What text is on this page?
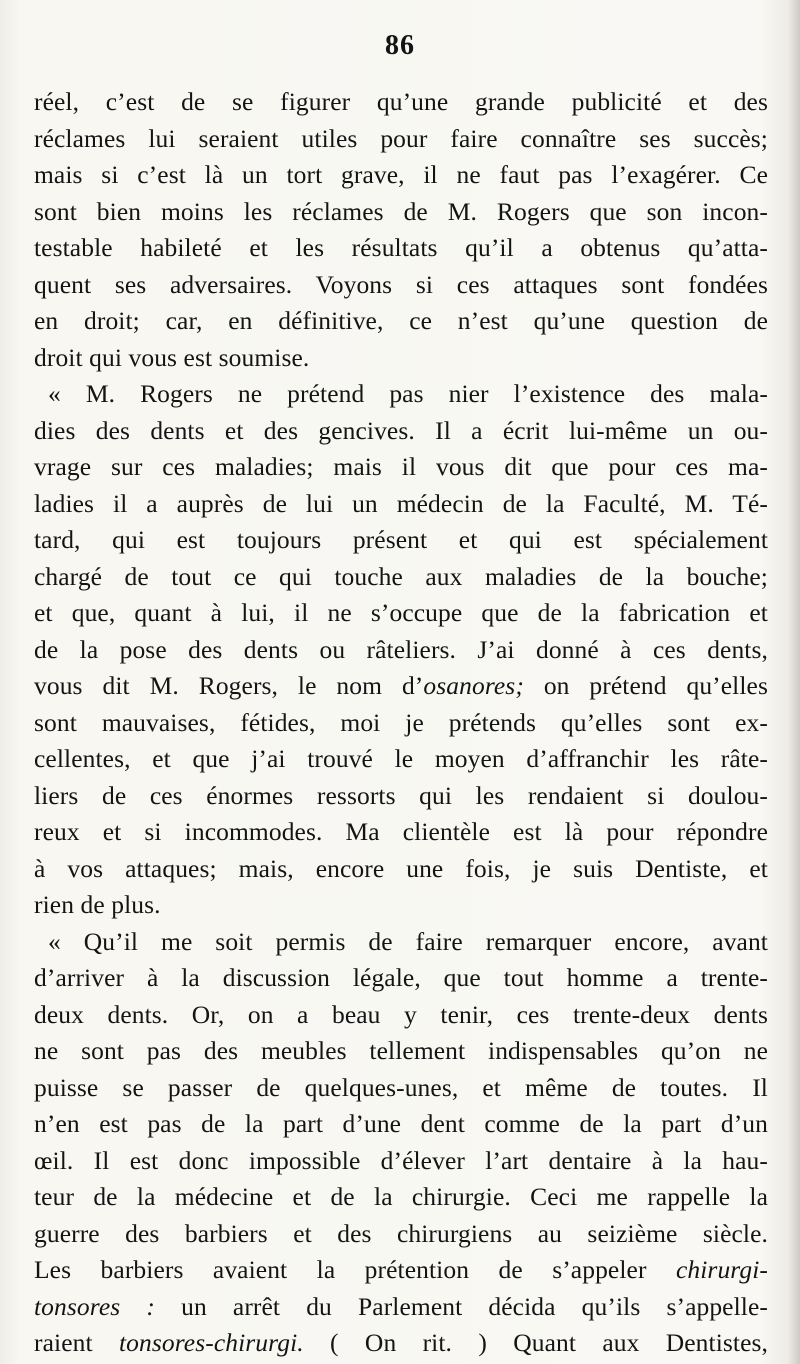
86
réel, c’est de se figurer qu’une grande publicité et des
réclames lui seraient utiles pour faire connaître ses succès;
mais si c’est là un tort grave, il ne faut pas l’exagérer. Ce
sont bien moins les réclames de M. Rogers que son incon-
testable habileté et les résultats qu’il a obtenus qu’atta-
quent ses adversaires. Voyons si ces attaques sont fondées
en droit; car, en définitive, ce n’est qu’une question de
droit qui vous est soumise.
« M. Rogers ne prétend pas nier l’existence des mala-
dies des dents et des gencives. Il a écrit lui-même un ou-
vrage sur ces maladies; mais il vous dit que pour ces ma-
ladies il a auprès de lui un médecin de la Faculté, M. Té-
tard, qui est toujours présent et qui est spécialement
chargé de tout ce qui touche aux maladies de la bouche;
et que, quant à lui, il ne s’occupe que de la fabrication et
de la pose des dents ou râteliers. J’ai donné à ces dents,
vous dit M. Rogers, le nom d’osanores; on prétend qu’elles
sont mauvaises, fétides, moi je prétends qu’elles sont ex-
cellentes, et que j’ai trouvé le moyen d’affranchir les râte-
liers de ces énormes ressorts qui les rendaient si doulou-
reux et si incommodes. Ma clientèle est là pour répondre
à vos attaques; mais, encore une fois, je suis Dentiste, et
rien de plus.
« Qu’il me soit permis de faire remarquer encore, avant
d’arriver à la discussion légale, que tout homme a trente-
deux dents. Or, on a beau y tenir, ces trente-deux dents
ne sont pas des meubles tellement indispensables qu’on ne
puisse se passer de quelques-unes, et même de toutes. Il
n’en est pas de la part d’une dent comme de la part d’un
œil. Il est donc impossible d’élever l’art dentaire à la hau-
teur de la médecine et de la chirurgie. Ceci me rappelle la
guerre des barbiers et des chirurgiens au seizième siècle.
Les barbiers avaient la prétention de s’appeler chirurgi-
tonsores : un arrêt du Parlement décida qu’ils s’appelle-
raient tonsores-chirurgi. ( On rit. ) Quant aux Dentistes,
